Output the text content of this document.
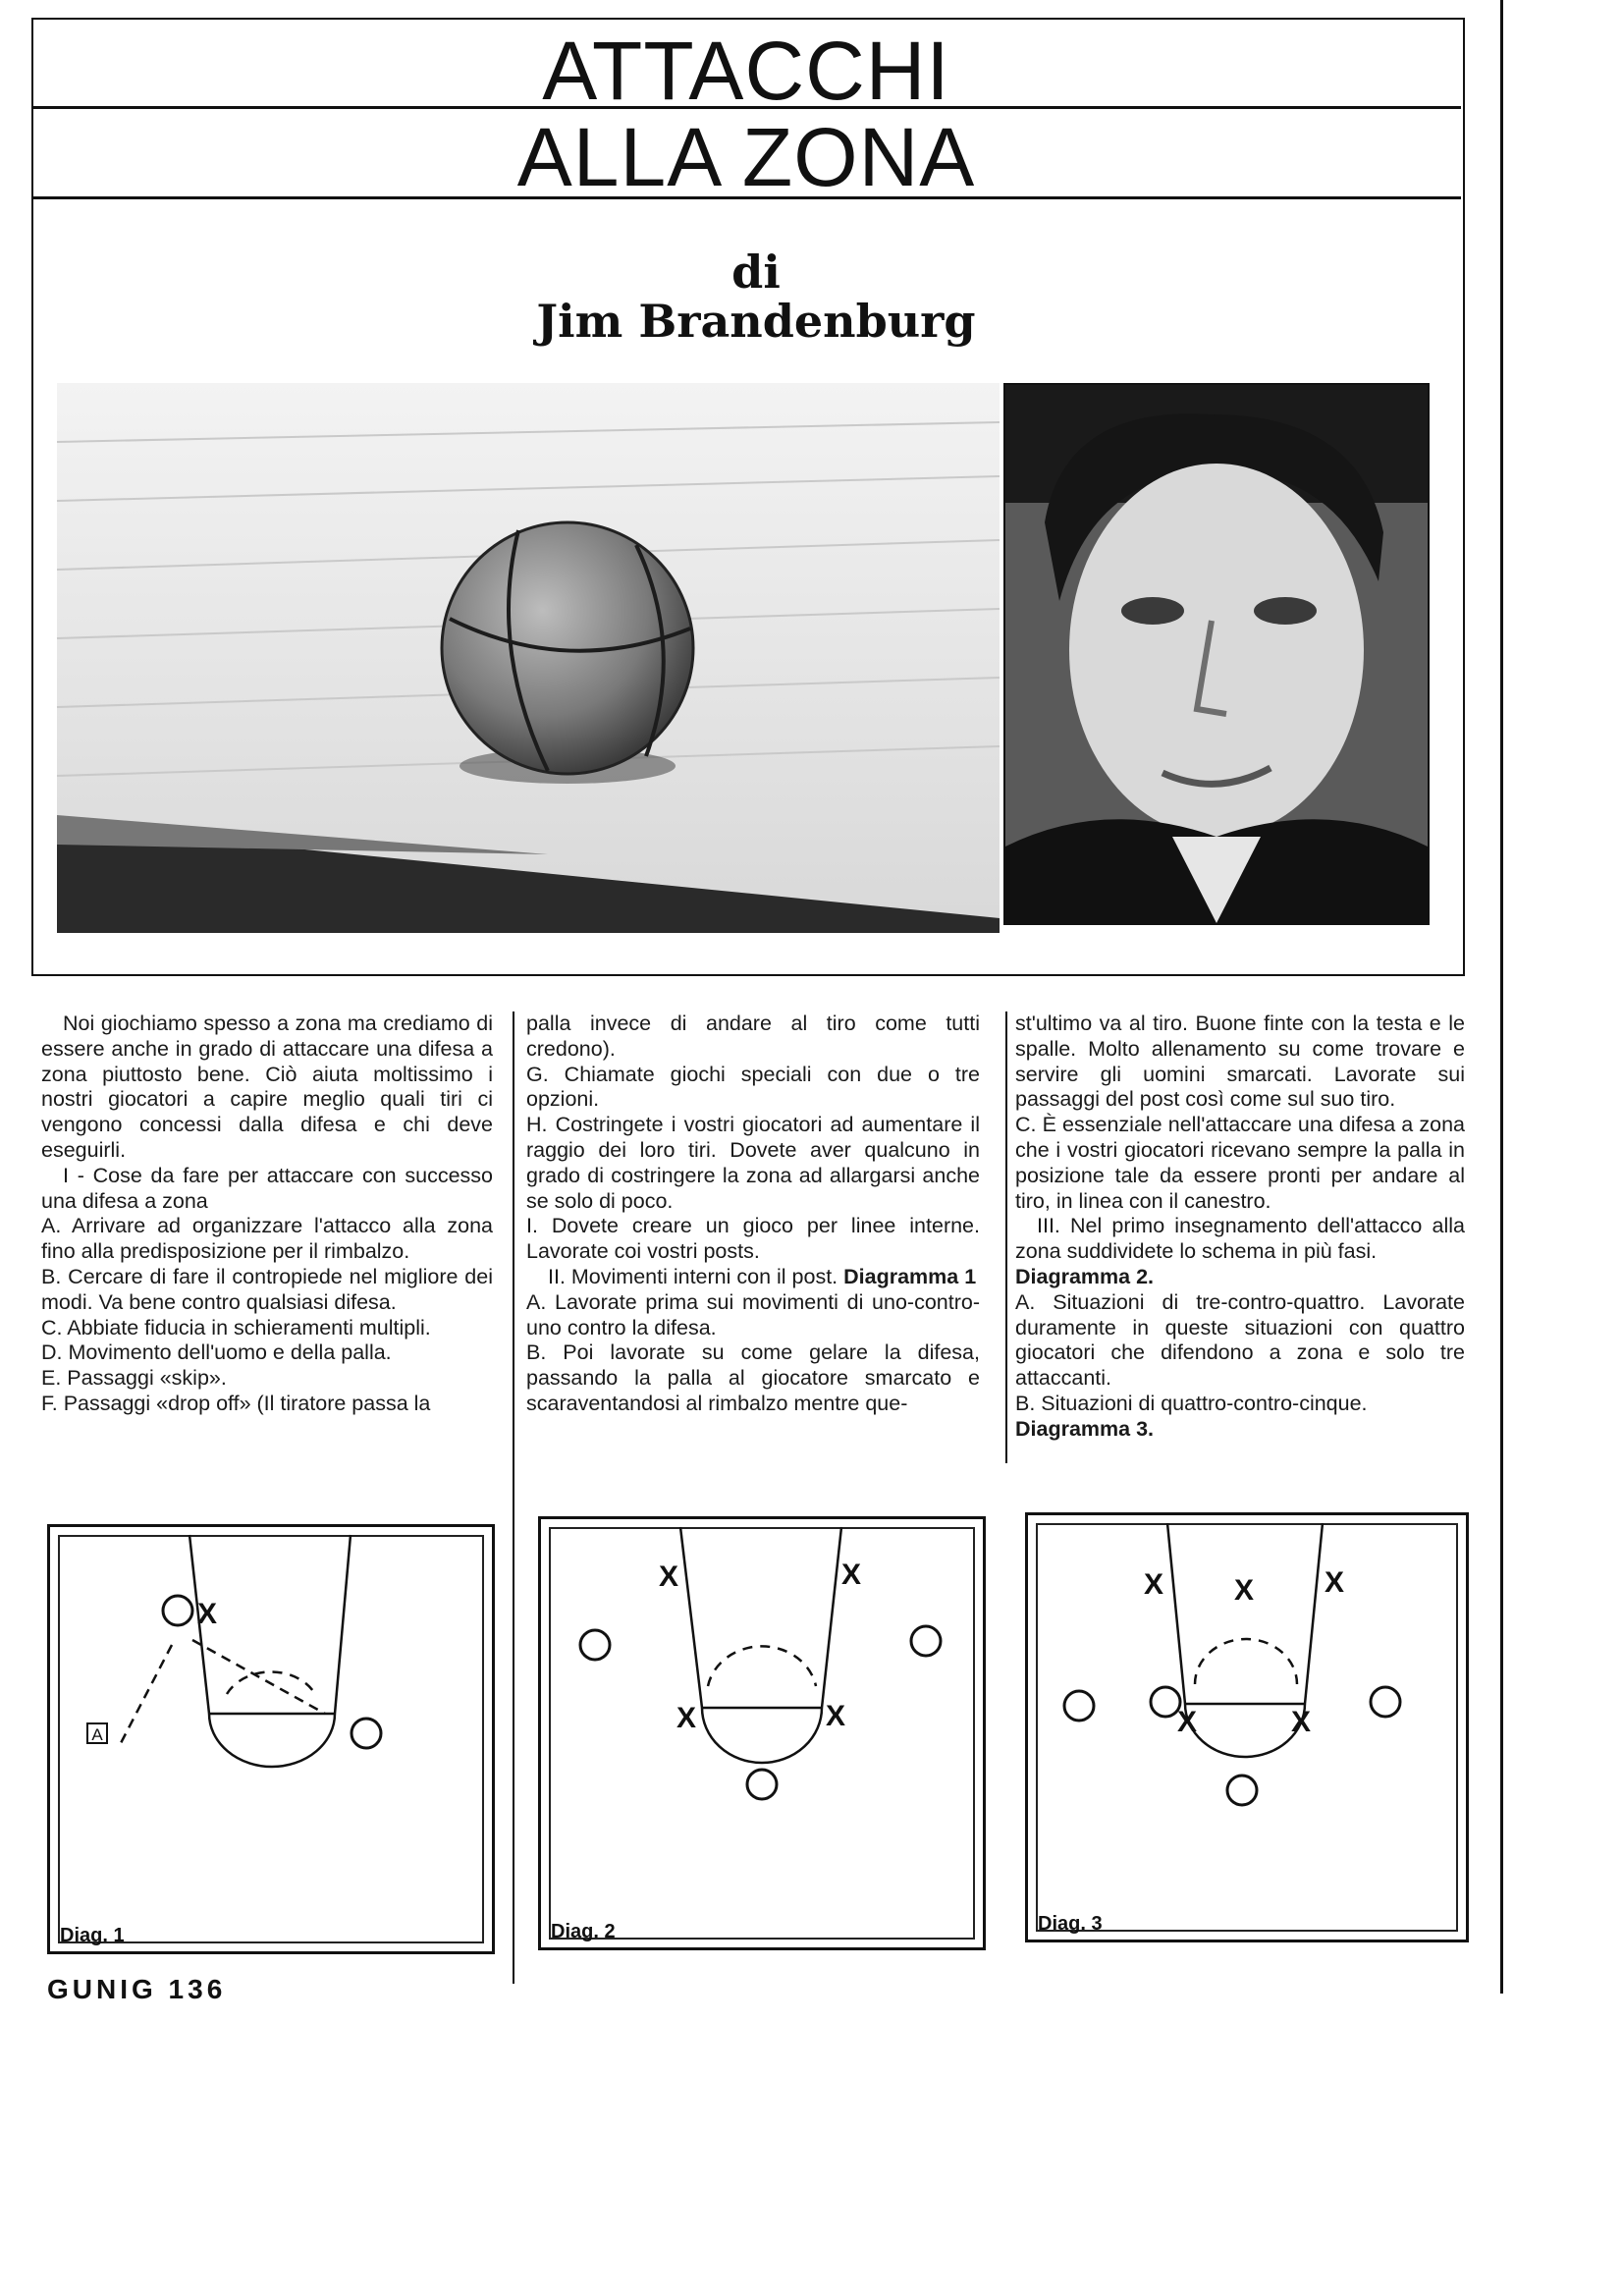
ATTACCHI
ALLA ZONA
di
Jim Brandenburg

Noi giochiamo spesso a zona ma crediamo di essere anche in grado di attaccare una difesa a zona piuttosto bene. Ciò aiuta moltissimo i nostri giocatori a capire meglio quali tiri ci vengono concessi dalla difesa e chi deve eseguirli.

I - Cose da fare per attaccare con successo una difesa a zona

A. Arrivare ad organizzare l'attacco alla zona fino alla predisposizione per il rimbalzo.

B. Cercare di fare il contropiede nel migliore dei modi. Va bene contro qualsiasi difesa.

C. Abbiate fiducia in schieramenti multipli.

D. Movimento dell'uomo e della palla.

E. Passaggi «skip».

F. Passaggi «drop off» (Il tiratore passa la

palla invece di andare al tiro come tutti credono).

G. Chiamate giochi speciali con due o tre opzioni.

H. Costringete i vostri giocatori ad aumentare il raggio dei loro tiri. Dovete aver qualcuno in grado di costringere la zona ad allargarsi anche se solo di poco.

I. Dovete creare un gioco per linee interne. Lavorate coi vostri posts.

II. Movimenti interni con il post. Diagramma 1

A. Lavorate prima sui movimenti di uno-contro-uno contro la difesa.

B. Poi lavorate su come gelare la difesa, passando la palla al giocatore smarcato e scaraventandosi al rimbalzo mentre que-

st'ultimo va al tiro. Buone finte con la testa e le spalle. Molto allenamento su come trovare e servire gli uomini smarcati. Lavorate sui passaggi del post così come sul suo tiro.

C. È essenziale nell'attaccare una difesa a zona che i vostri giocatori ricevano sempre la palla in posizione tale da essere pronti per andare al tiro, in linea con il canestro.

III. Nel primo insegnamento dell'attacco alla zona suddividete lo schema in più fasi.

Diagramma 2.

A. Situazioni di tre-contro-quattro. Lavorate duramente in queste situazioni con quattro giocatori che difendono a zona e solo tre attaccanti.

B. Situazioni di quattro-contro-cinque.

Diagramma 3.

A
X
Diag. 1
X	X
X	X
Diag. 2
X X X
X	X
Diag. 3
GUNIG 136
